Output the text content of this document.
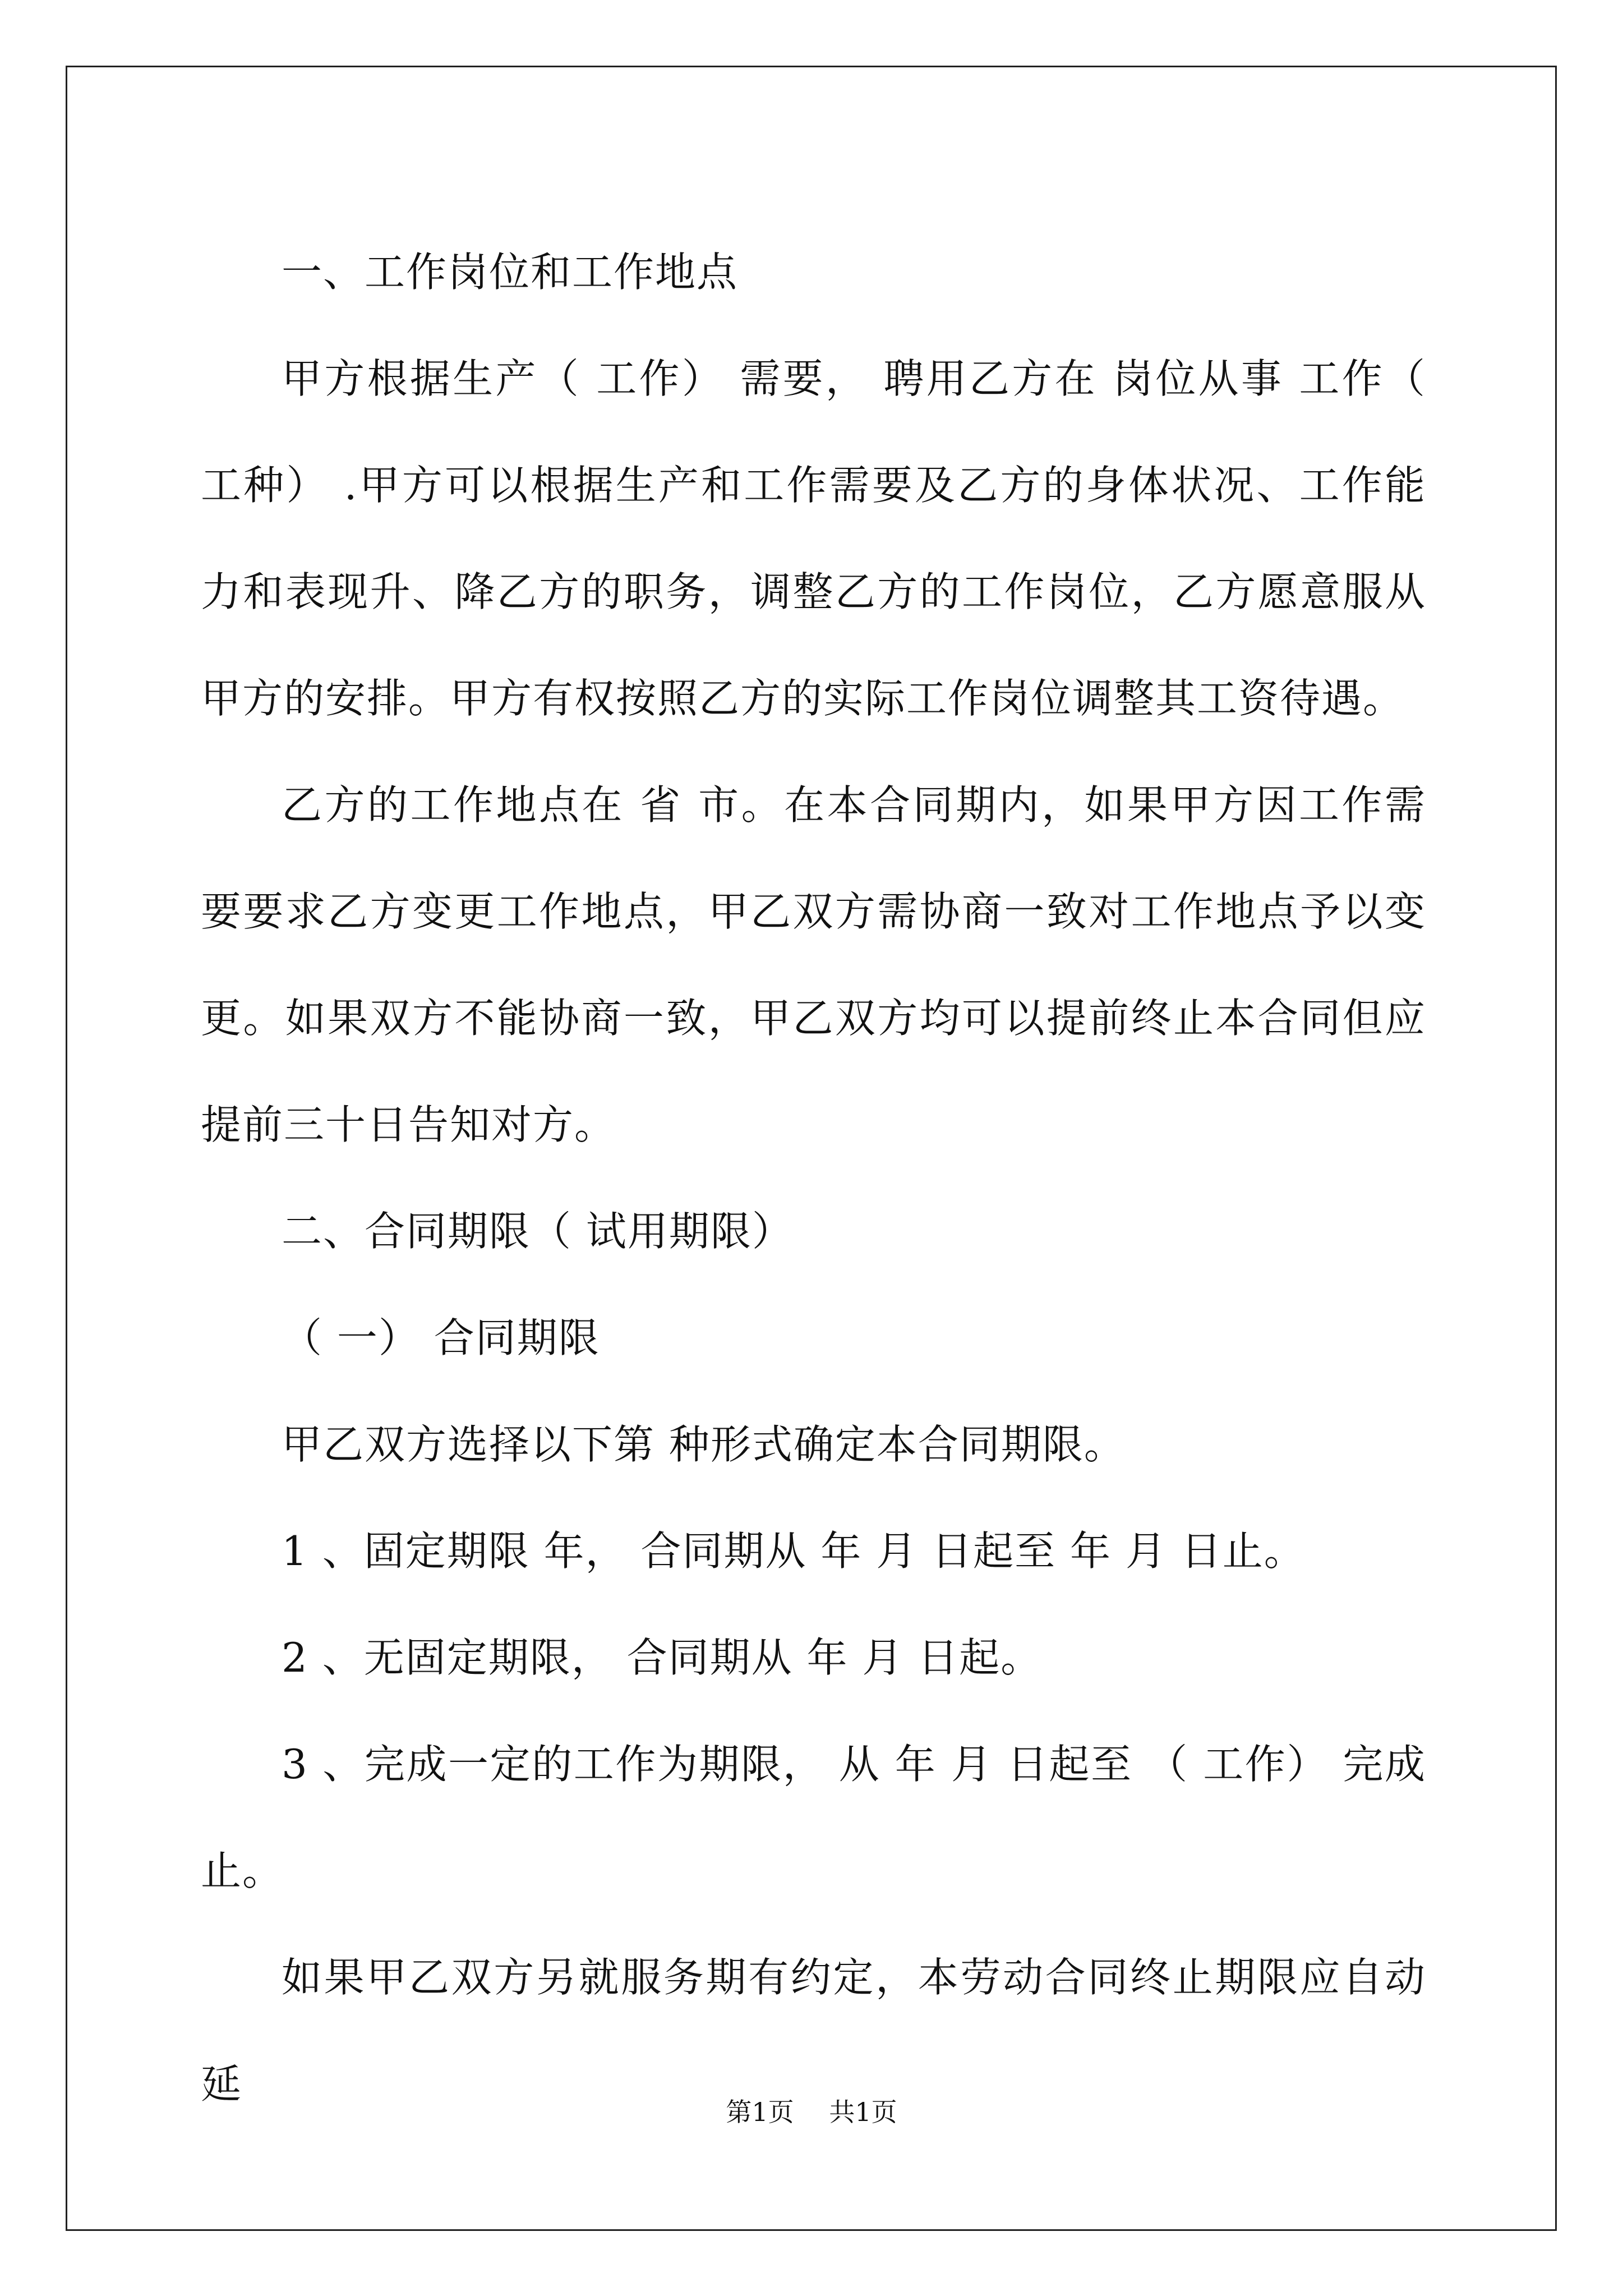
一、工作岗位和工作地点

甲方根据生产（ 工作） 需要， 聘用乙方在 岗位从事 工作（ 工种） .甲方可以根据生产和工作需要及乙方的身体状况、工作能力和表现升、降乙方的职务，调整乙方的工作岗位，乙方愿意服从甲方的安排。甲方有权按照乙方的实际工作岗位调整其工资待遇。

乙方的工作地点在 省 市。在本合同期内，如果甲方因工作需要要求乙方变更工作地点，甲乙双方需协商一致对工作地点予以变更。如果双方不能协商一致，甲乙双方均可以提前终止本合同但应提前三十日告知对方。

二、合同期限（ 试用期限）

（ 一） 合同期限

甲乙双方选择以下第 种形式确定本合同期限。

1 、固定期限 年， 合同期从 年 月 日起至 年 月 日止。

2 、无固定期限， 合同期从 年 月 日起。

3 、完成一定的工作为期限， 从 年 月 日起至 （ 工作） 完成止。

如果甲乙双方另就服务期有约定，本劳动合同终止期限应自动延

第1页 共1页
